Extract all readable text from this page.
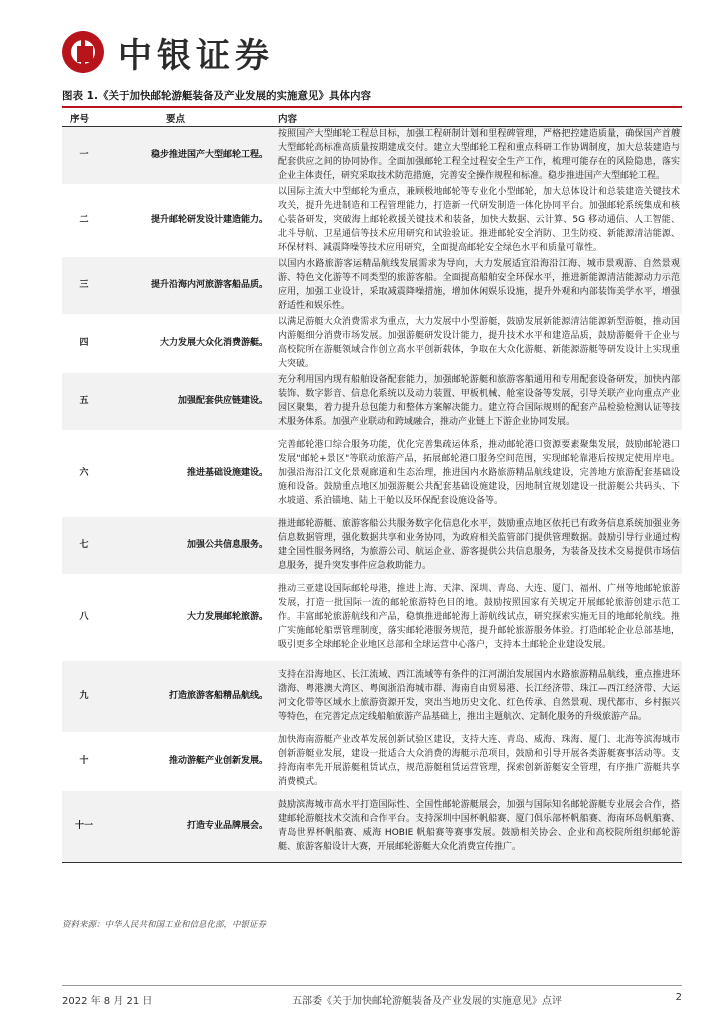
中银证券
图表 1.《关于加快邮轮游艇装备及产业发展的实施意见》具体内容
序号	要点	内容
一	稳步推进国产大型邮轮工程。	按照国产大型邮轮工程总目标，加强工程研制计划和里程碑管理，严格把控建造质量，确保国产首艘大型邮轮高标准高质量按期建成交付。建立大型邮轮工程和重点科研工作协调制度，加大总装建造与配套供应之间的协同协作。全面加强邮轮工程全过程安全生产工作，梳理可能存在的风险隐患，落实企业主体责任，研究采取技术防范措施，完善安全操作规程和标准。稳步推进国产大型邮轮工程。
二	提升邮轮研发设计建造能力。	以国际主流大中型邮轮为重点，兼顾极地邮轮等专业化小型邮轮，加大总体设计和总装建造关键技术攻关，提升先进制造和工程管理能力，打造新一代研发制造一体化协同平台。加强邮轮系统集成和核心装备研发，突破海上邮轮救援关键技术和装备，加快大数据、云计算、5G 移动通信、人工智能、北斗导航、卫星通信等技术应用研究和试验验证。推进邮轮安全消防、卫生防疫、新能源清洁能源、环保材料、减震降噪等技术应用研究，全面提高邮轮安全绿色水平和质量可靠性。
三	提升沿海内河旅游客船品质。	以国内水路旅游客运精品航线发展需求为导向，大力发展适宜沿海沿江海、城市景观游、自然景观游、特色文化游等不同类型的旅游客船。全面提高船舶安全环保水平，推进新能源清洁能源动力示范应用，加强工业设计，采取减震降噪措施，增加休闲娱乐设施，提升外观和内部装饰美学水平，增强舒适性和娱乐性。
四	大力发展大众化消费游艇。	以满足游艇大众消费需求为重点，大力发展中小型游艇，鼓励发展新能源清洁能源新型游艇，推动国内游艇细分消费市场发展。加强游艇研发设计能力，提升技术水平和建造品质，鼓励游艇骨干企业与高校院所在游艇领域合作创立高水平创新载体，争取在大众化游艇、新能源游艇等研发设计上实现重大突破。
五	加强配套供应链建设。	充分利用国内现有船舶设备配套能力，加强邮轮游艇和旅游客船通用和专用配套设备研发，加快内部装饰、数字影音、信息化系统以及动力装置、甲板机械、舱室设备等发展，引导关联产业向重点产业园区聚集，着力提升总包能力和整体方案解决能力。建立符合国际规则的配套产品检验检测认证等技术服务体系。加强产业联动和跨域融合，推动产业链上下游企业协同发展。
六	推进基础设施建设。	完善邮轮港口综合服务功能，优化完善集疏运体系，推动邮轮港口资源要素聚集发展，鼓励邮轮港口发展"邮轮+景区"等联动旅游产品，拓展邮轮港口服务空间范围，实现邮轮靠港后按规定使用岸电。加强沿海沿江文化景观廊道和生态治理，推进国内水路旅游精品航线建设，完善地方旅游配套基础设施和设备。鼓励重点地区加强游艇公共配套基础设施建设，因地制宜规划建设一批游艇公共码头、下水坡道、系泊锚地、陆上干舱以及环保配套设施设备等。
七	加强公共信息服务。	推进邮轮游艇、旅游客船公共服务数字化信息化水平，鼓励重点地区依托已有政务信息系统加强业务信息数据管理，强化数据共享和业务协同，为政府相关监管部门提供管理数据。鼓励引导行业通过构建全国性服务网络，为旅游公司、航运企业、游客提供公共信息服务，为装备及技术交易提供市场信息服务，提升突发事件应急救助能力。
八	大力发展邮轮旅游。	推动三亚建设国际邮轮母港，推进上海、天津、深圳、青岛、大连、厦门、福州、广州等地邮轮旅游发展，打造一批国际一流的邮轮旅游特色目的地。鼓励按照国家有关规定开展邮轮旅游创建示范工作。丰富邮轮旅游航线和产品，稳慎推进邮轮海上游航线试点，研究探索实施无目的地邮轮航线。推广实施邮轮船票管理制度，落实邮轮港服务规范，提升邮轮旅游服务体验。打造邮轮企业总部基地，吸引更多全球邮轮企业地区总部和全球运营中心落户，支持本土邮轮企业建设发展。
九	打造旅游客船精品航线。	支持在沿海地区、长江流域、西江流域等有条件的江河湖泊发展国内水路旅游精品航线，重点推进环渤海、粤港澳大湾区、粤闽浙沿海城市群、海南自由贸易港、长江经济带、珠江—西江经济带、大运河文化带等区域水上旅游资源开发，突出当地历史文化、红色传承、自然景观、现代都市、乡村振兴等特色，在完善定点定线船舶旅游产品基础上，推出主题航次、定制化服务的升级旅游产品。
十	推动游艇产业创新发展。	加快海南游艇产业改革发展创新试验区建设，支持大连、青岛、威海、珠海、厦门、北海等滨海城市创新游艇业发展，建设一批适合大众消费的海艇示范项目，鼓励和引导开展各类游艇赛事活动等。支持海南率先开展游艇租赁试点，规范游艇租赁运营管理，探索创新游艇安全管理，有序推广游艇共享消费模式。
十一	打造专业品牌展会。	鼓励滨海城市高水平打造国际性、全国性邮轮游艇展会，加强与国际知名邮轮游艇专业展会合作，搭建邮轮游艇技术交流和合作平台。支持深圳中国杯帆船赛、厦门俱乐部杯帆船赛、海南环岛帆船赛、青岛世界杯帆船赛、威海 HOBIE 帆船赛等赛事发展。鼓励相关协会、企业和高校院所组织邮轮游艇、旅游客船设计大赛，开展邮轮游艇大众化消费宣传推广。
资料来源：中华人民共和国工业和信息化部，中银证券
2022 年 8 月 21 日	五部委《关于加快邮轮游艇装备及产业发展的实施意见》点评	2
